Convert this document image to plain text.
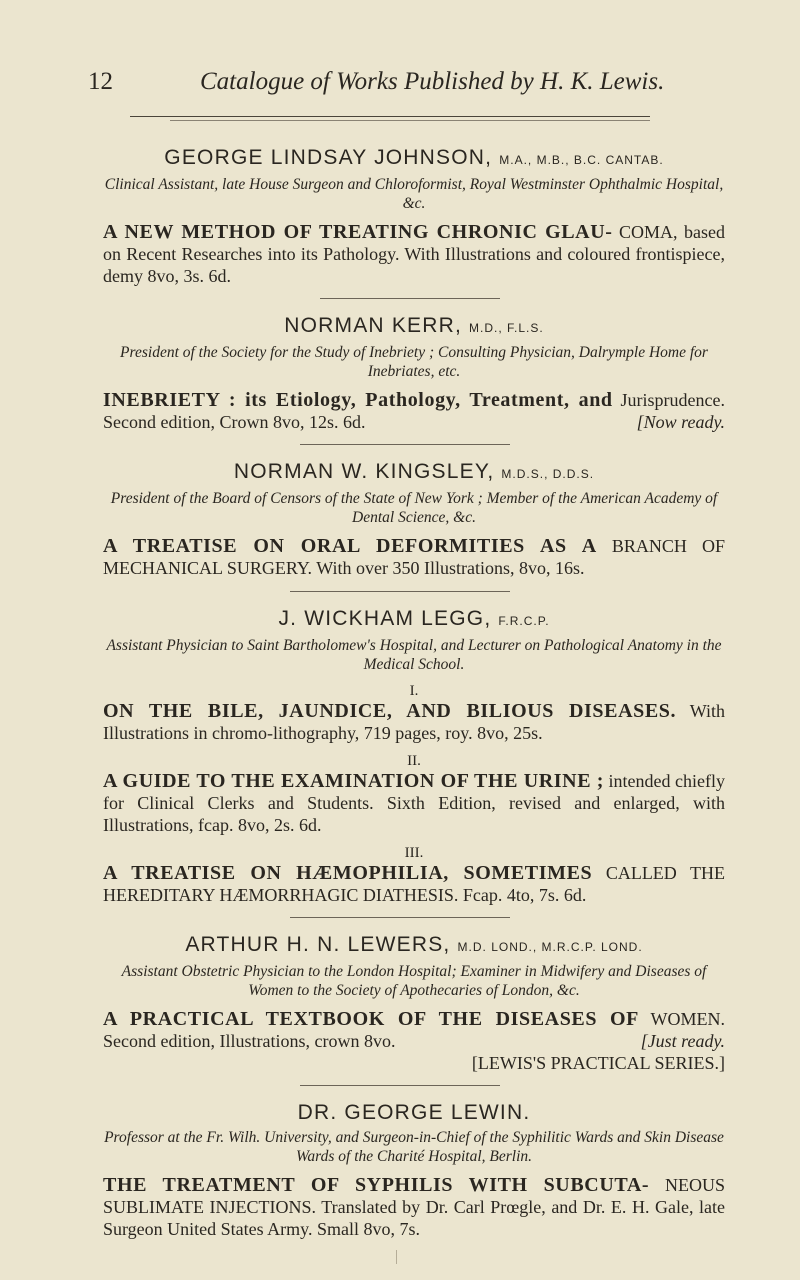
12	Catalogue of Works Published by H. K. Lewis.
GEORGE LINDSAY JOHNSON, M.A., M.B., B.C. CANTAB.
Clinical Assistant, late House Surgeon and Chloroformist, Royal Westminster Ophthalmic Hospital, &c.
A NEW METHOD OF TREATING CHRONIC GLAU- COMA, based on Recent Researches into its Pathology. With Illustrations and coloured frontispiece, demy 8vo, 3s. 6d.
NORMAN KERR, M.D., F.L.S.
President of the Society for the Study of Inebriety ; Consulting Physician, Dalrymple Home for Inebriates, etc.
INEBRIETY : its Etiology, Pathology, Treatment, and Jurisprudence. Second edition, Crown 8vo, 12s. 6d.	[Now ready.
NORMAN W. KINGSLEY, M.D.S., D.D.S.
President of the Board of Censors of the State of New York ; Member of the American Academy of Dental Science, &c.
A TREATISE ON ORAL DEFORMITIES AS A BRANCH OF MECHANICAL SURGERY. With over 350 Illustrations, 8vo, 16s.
J. WICKHAM LEGG, F.R.C.P.
Assistant Physician to Saint Bartholomew's Hospital, and Lecturer on Pathological Anatomy in the Medical School.
I.
ON THE BILE, JAUNDICE, AND BILIOUS DISEASES. With Illustrations in chromo-lithography, 719 pages, roy. 8vo, 25s.
II.
A GUIDE TO THE EXAMINATION OF THE URINE ; intended chiefly for Clinical Clerks and Students. Sixth Edition, revised and enlarged, with Illustrations, fcap. 8vo, 2s. 6d.
III.
A TREATISE ON HÆMOPHILIA, SOMETIMES CALLED THE HEREDITARY HÆMORRHAGIC DIATHESIS. Fcap. 4to, 7s. 6d.
ARTHUR H. N. LEWERS, M.D. LOND., M.R.C.P. LOND.
Assistant Obstetric Physician to the London Hospital; Examiner in Midwifery and Diseases of Women to the Society of Apothecaries of London, &c.
A PRACTICAL TEXTBOOK OF THE DISEASES OF WOMEN. Second edition, Illustrations, crown 8vo.	[Just ready.
[LEWIS'S PRACTICAL SERIES.]
DR. GEORGE LEWIN.
Professor at the Fr. Wilh. University, and Surgeon-in-Chief of the Syphilitic Wards and Skin Disease Wards of the Charité Hospital, Berlin.
THE TREATMENT OF SYPHILIS WITH SUBCUTA- NEOUS SUBLIMATE INJECTIONS. Translated by Dr. Carl Prœgle, and Dr. E. H. Gale, late Surgeon United States Army. Small 8vo, 7s.
